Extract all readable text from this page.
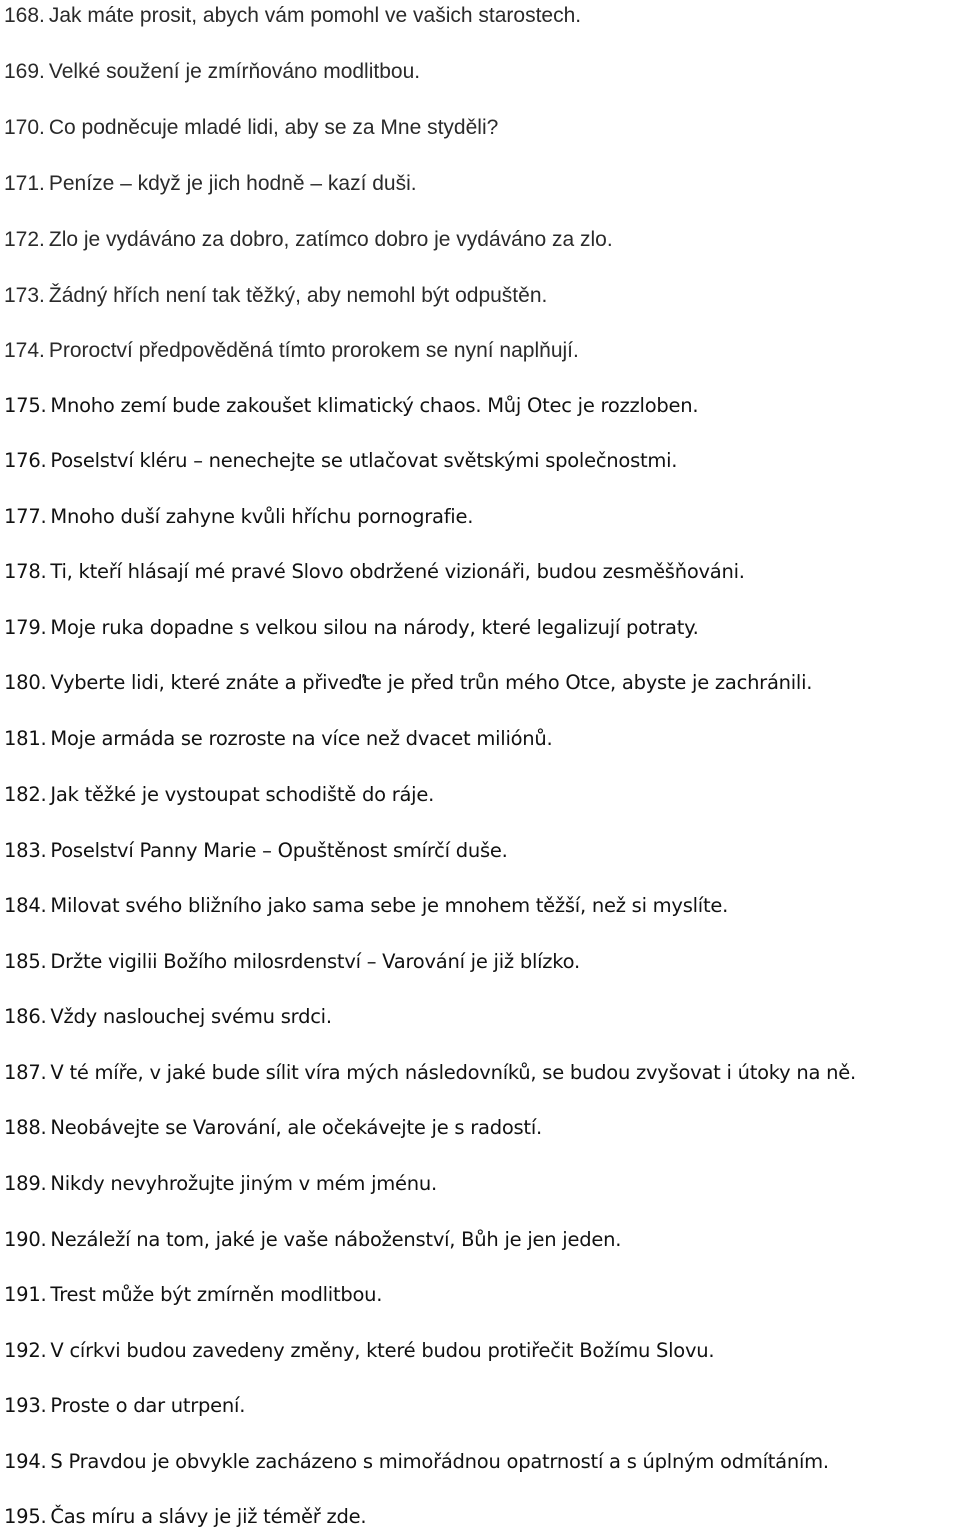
168. Jak máte prosit, abych vám pomohl ve vašich starostech.
169. Velké soužení je zmírňováno modlitbou.
170. Co podněcuje mladé lidi, aby se za Mne styděli?
171. Peníze – když je jich hodně – kazí duši.
172. Zlo je vydáváno za dobro, zatímco dobro je vydáváno za zlo.
173. Žádný hřích není tak těžký, aby nemohl být odpuštěn.
174. Proroctví předpověděná tímto prorokem se nyní naplňují.
175. Mnoho zemí bude zakoušet klimatický chaos. Můj Otec je rozzloben.
176. Poselství kléru – nenechejte se utlačovat světskými společnostmi.
177. Mnoho duší zahyne kvůli hříchu pornografie.
178. Ti, kteří hlásají mé pravé Slovo obdržené vizionáři, budou zesměšňováni.
179. Moje ruka dopadne s velkou silou na národy, které legalizují potraty.
180. Vyberte lidi, které znáte a přiveďte je před trůn mého Otce, abyste je zachránili.
181. Moje armáda se rozroste na více než dvacet miliónů.
182. Jak těžké je vystoupat schodiště do ráje.
183. Poselství Panny Marie – Opuštěnost smírčí duše.
184. Milovat svého bližního jako sama sebe je mnohem těžší, než si myslíte.
185. Držte vigilii Božího milosrdenství – Varování je již blízko.
186. Vždy naslouchej svému srdci.
187. V té míře, v jaké bude sílit víra mých následovníků, se budou zvyšovat i útoky na ně.
188. Neobávejte se Varování, ale očekávejte je s radostí.
189. Nikdy nevyhrožujte jiným v mém jménu.
190. Nezáleží na tom, jaké je vaše náboženství, Bůh je jen jeden.
191. Trest může být zmírněn modlitbou.
192. V církvi budou zavedeny změny, které budou protiřečit Božímu Slovu.
193. Proste o dar utrpení.
194. S Pravdou je obvykle zacházeno s mimořádnou opatrností a s úplným odmítáním.
195. Čas míru a slávy je již téměř zde.
